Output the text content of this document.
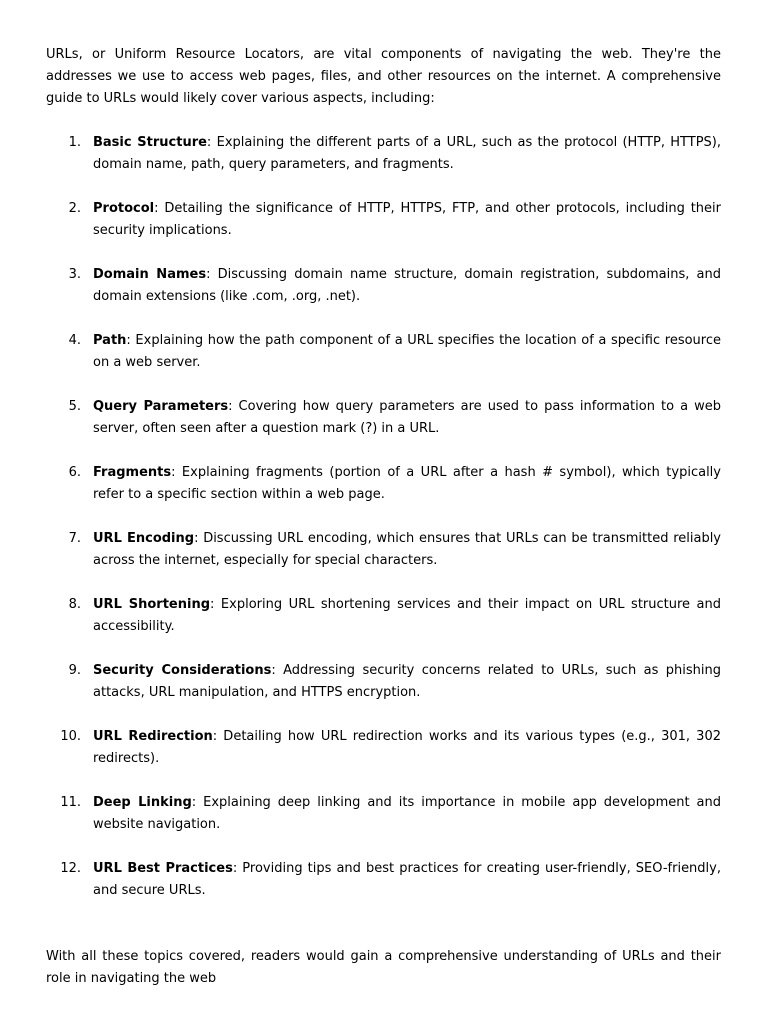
URLs, or Uniform Resource Locators, are vital components of navigating the web. They're the addresses we use to access web pages, files, and other resources on the internet. A comprehensive guide to URLs would likely cover various aspects, including:

1. Basic Structure: Explaining the different parts of a URL, such as the protocol (HTTP, HTTPS), domain name, path, query parameters, and fragments.
2. Protocol: Detailing the significance of HTTP, HTTPS, FTP, and other protocols, including their security implications.
3. Domain Names: Discussing domain name structure, domain registration, subdomains, and domain extensions (like .com, .org, .net).
4. Path: Explaining how the path component of a URL specifies the location of a specific resource on a web server.
5. Query Parameters: Covering how query parameters are used to pass information to a web server, often seen after a question mark (?) in a URL.
6. Fragments: Explaining fragments (portion of a URL after a hash # symbol), which typically refer to a specific section within a web page.
7. URL Encoding: Discussing URL encoding, which ensures that URLs can be transmitted reliably across the internet, especially for special characters.
8. URL Shortening: Exploring URL shortening services and their impact on URL structure and accessibility.
9. Security Considerations: Addressing security concerns related to URLs, such as phishing attacks, URL manipulation, and HTTPS encryption.
10. URL Redirection: Detailing how URL redirection works and its various types (e.g., 301, 302 redirects).
11. Deep Linking: Explaining deep linking and its importance in mobile app development and website navigation.
12. URL Best Practices: Providing tips and best practices for creating user-friendly, SEO-friendly, and secure URLs.

With all these topics covered, readers would gain a comprehensive understanding of URLs and their role in navigating the web
